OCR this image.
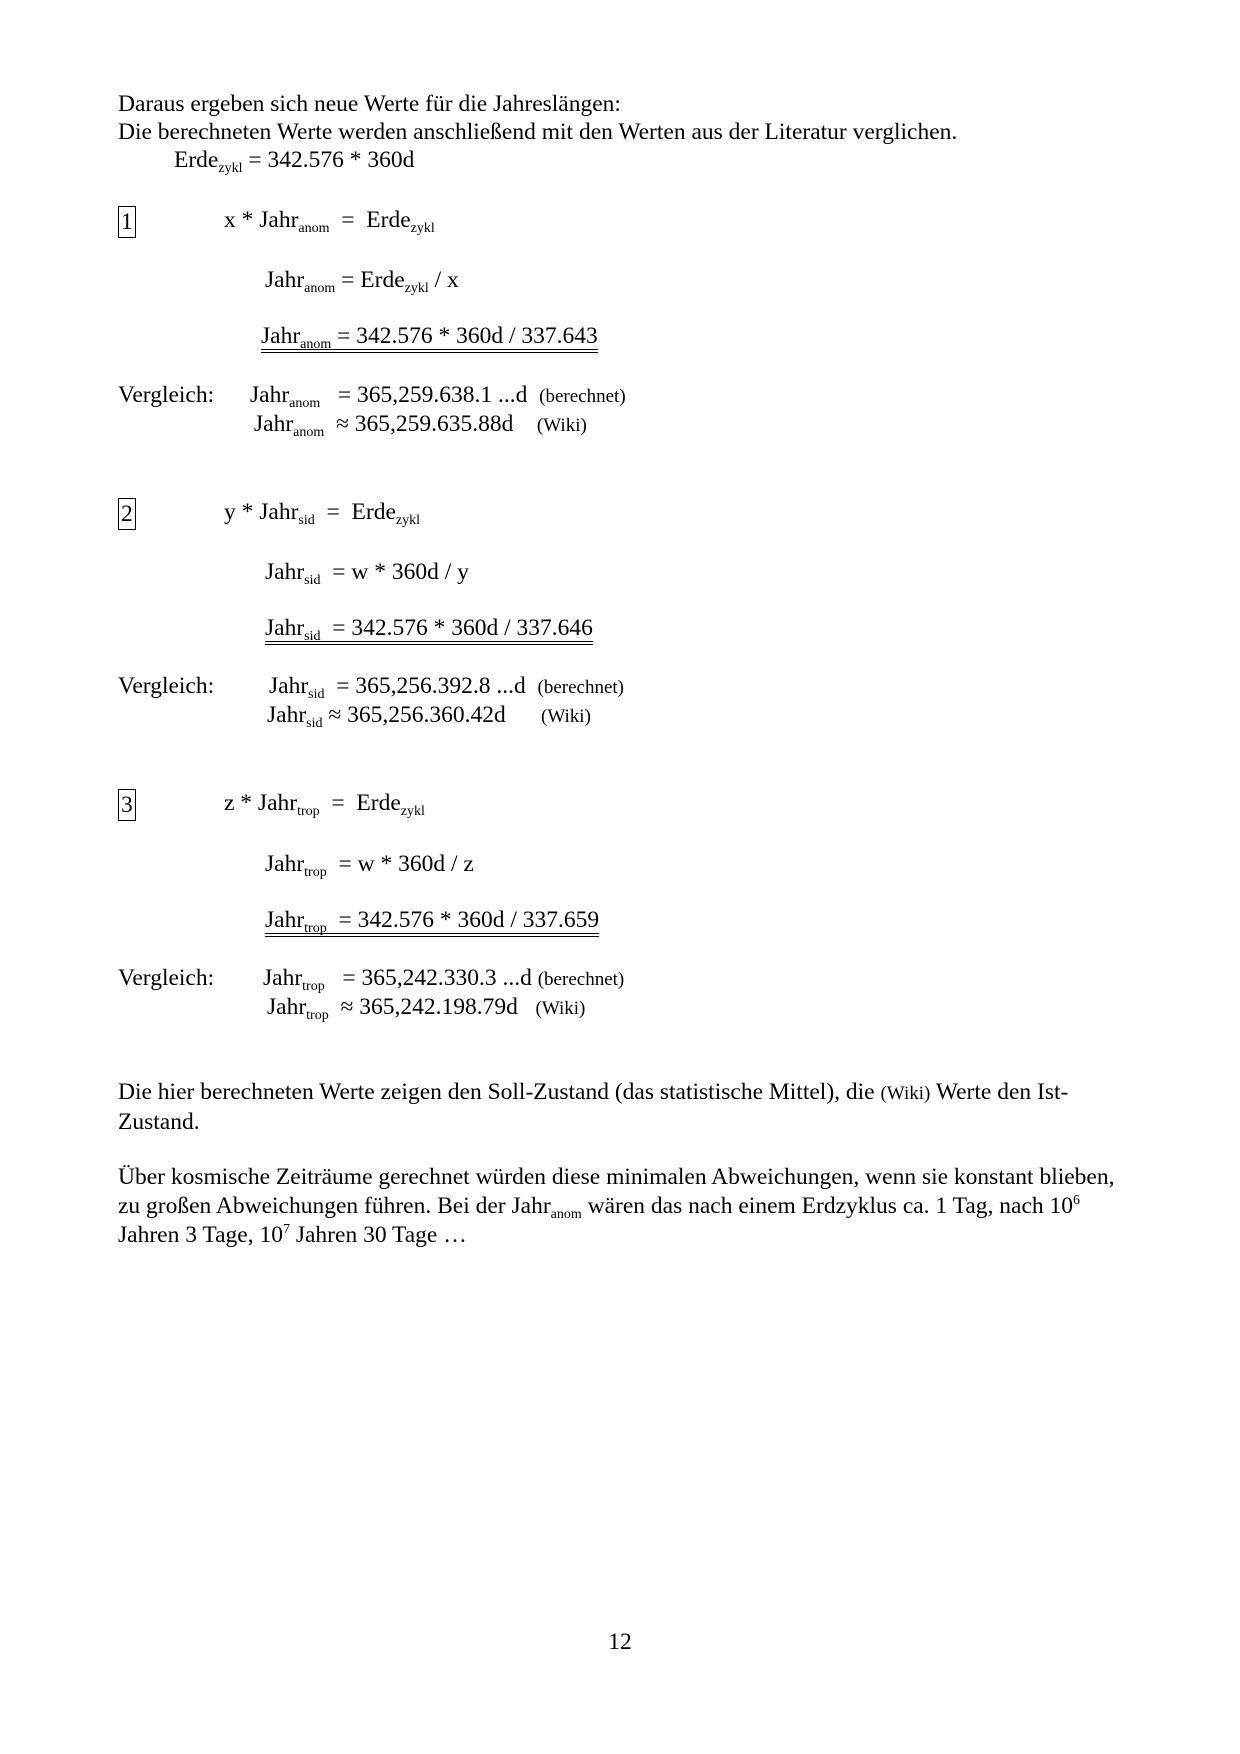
Daraus ergeben sich neue Werte für die Jahreslängen:
Die berechneten Werte werden anschließend mit den Werten aus der Literatur verglichen.
Erde$_{zykl}$ = 342.576 * 360d
1	x * Jahr$_{anom}$ = Erde$_{zykl}$
Jahr$_{anom}$ = Erde$_{zykl}$ / x
Jahr$_{anom}$ = 342.576 * 360d / 337.643
Vergleich: Jahr$_{anom}$ = 365,259.638.1 ...d (berechnet)
Jahr$_{anom}$ ≈ 365,259.635.88d (Wiki)
2	y * Jahr$_{sid}$ = Erde$_{zykl}$
Jahr$_{sid}$ = w * 360d / y
Jahr$_{sid}$ = 342.576 * 360d / 337.646
Vergleich: Jahr$_{sid}$ = 365,256.392.8 ...d (berechnet)
Jahr$_{sid}$ ≈ 365,256.360.42d (Wiki)
3	z * Jahr$_{trop}$ = Erde$_{zykl}$
Jahr$_{trop}$ = w * 360d / z
Jahr$_{trop}$ = 342.576 * 360d / 337.659
Vergleich: Jahr$_{trop}$ = 365,242.330.3 ...d (berechnet)
Jahr$_{trop}$ ≈ 365,242.198.79d (Wiki)
Die hier berechneten Werte zeigen den Soll-Zustand (das statistische Mittel), die (Wiki) Werte den Ist-Zustand.
Über kosmische Zeiträume gerechnet würden diese minimalen Abweichungen, wenn sie konstant blieben, zu großen Abweichungen führen. Bei der Jahr$_{anom}$ wären das nach einem Erdzyklus ca. 1 Tag, nach $10^6$ Jahren 3 Tage, $10^7$ Jahren 30 Tage …
12
